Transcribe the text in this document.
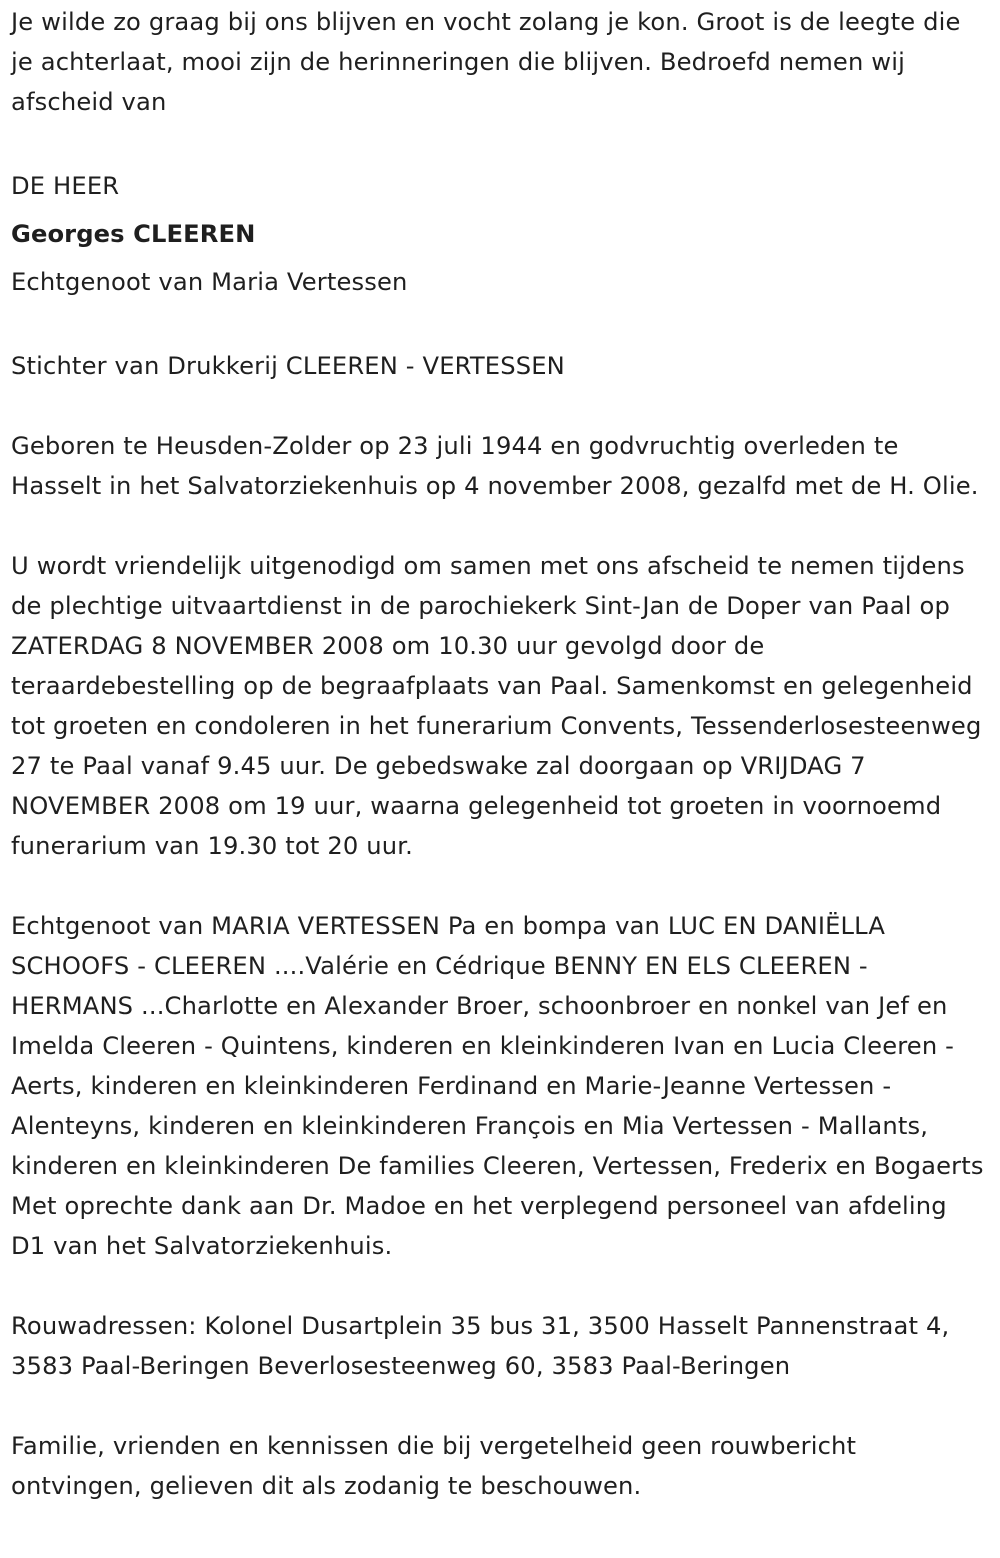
Je wilde zo graag bij ons blijven en vocht zolang je kon. Groot is de leegte die je achterlaat, mooi zijn de herinneringen die blijven. Bedroefd nemen wij afscheid van

DE HEER

Georges CLEEREN

Echtgenoot van Maria Vertessen

Stichter van Drukkerij CLEEREN - VERTESSEN

Geboren te Heusden-Zolder op 23 juli 1944 en godvruchtig overleden te Hasselt in het Salvatorziekenhuis op 4 november 2008, gezalfd met de H. Olie.

U wordt vriendelijk uitgenodigd om samen met ons afscheid te nemen tijdens de plechtige uitvaartdienst in de parochiekerk Sint-Jan de Doper van Paal op ZATERDAG 8 NOVEMBER 2008 om 10.30 uur gevolgd door de teraardebestelling op de begraafplaats van Paal. Samenkomst en gelegenheid tot groeten en condoleren in het funerarium Convents, Tessenderlosesteenweg 27 te Paal vanaf 9.45 uur. De gebedswake zal doorgaan op VRIJDAG 7 NOVEMBER 2008 om 19 uur, waarna gelegenheid tot groeten in voornoemd funerarium van 19.30 tot 20 uur.

Echtgenoot van MARIA VERTESSEN Pa en bompa van LUC EN DANIËLLA SCHOOFS - CLEEREN ....Valérie en Cédrique BENNY EN ELS CLEEREN - HERMANS ...Charlotte en Alexander Broer, schoonbroer en nonkel van Jef en Imelda Cleeren - Quintens, kinderen en kleinkinderen Ivan en Lucia Cleeren - Aerts, kinderen en kleinkinderen Ferdinand en Marie-Jeanne Vertessen - Alenteyns, kinderen en kleinkinderen François en Mia Vertessen - Mallants, kinderen en kleinkinderen De families Cleeren, Vertessen, Frederix en Bogaerts Met oprechte dank aan Dr. Madoe en het verplegend personeel van afdeling D1 van het Salvatorziekenhuis.

Rouwadressen: Kolonel Dusartplein 35 bus 31, 3500 Hasselt Pannenstraat 4, 3583 Paal-Beringen Beverlosesteenweg 60, 3583 Paal-Beringen

Familie, vrienden en kennissen die bij vergetelheid geen rouwbericht ontvingen, gelieven dit als zodanig te beschouwen.
